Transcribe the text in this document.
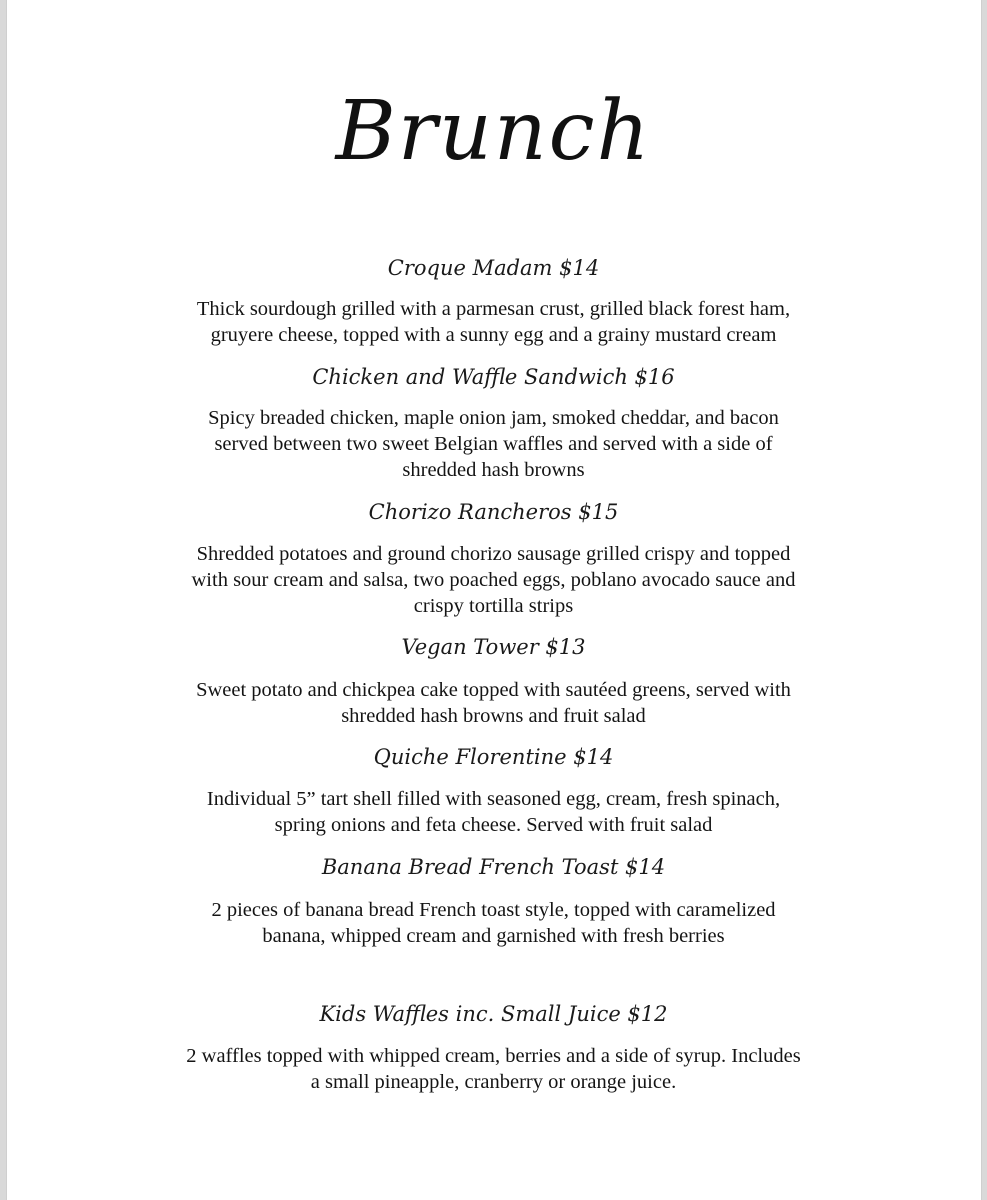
Brunch
Croque Madam $14
Thick sourdough grilled with a parmesan crust, grilled black forest ham,
gruyere cheese, topped with a sunny egg and a grainy mustard cream
Chicken and Waffle Sandwich $16
Spicy breaded chicken, maple onion jam, smoked cheddar, and bacon
served between two sweet Belgian waffles and served with a side of
shredded hash browns
Chorizo Rancheros $15
Shredded potatoes and ground chorizo sausage grilled crispy and topped
with sour cream and salsa, two poached eggs, poblano avocado sauce and
crispy tortilla strips
Vegan Tower $13
Sweet potato and chickpea cake topped with sautéed greens, served with
shredded hash browns and fruit salad
Quiche Florentine $14
Individual 5” tart shell filled with seasoned egg, cream, fresh spinach,
spring onions and feta cheese. Served with fruit salad
Banana Bread French Toast $14
2 pieces of banana bread French toast style, topped with caramelized
banana, whipped cream and garnished with fresh berries
Kids Waffles inc. Small Juice $12
2 waffles topped with whipped cream, berries and a side of syrup. Includes
a small pineapple, cranberry or orange juice.
